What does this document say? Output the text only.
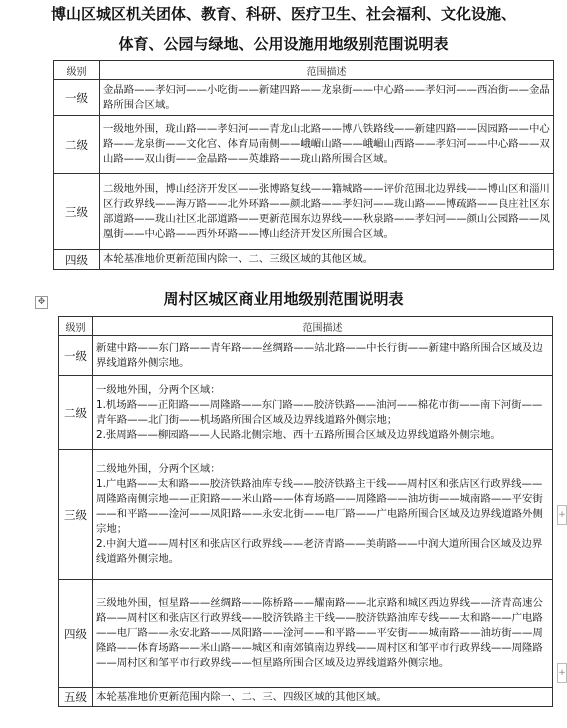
博山区城区机关团体、教育、科研、医疗卫生、社会福利、文化设施、
体育、公园与绿地、公用设施用地级别范围说明表
级别	范围描述
一级	金晶路——孝妇河——小吃街——新建四路——龙泉街——中心路——孝妇河——西冶街——金晶路所围合区域。

二级	一级地外围，珑山路——孝妇河——青龙山北路——博八铁路线——新建四路——因园路——中心路——龙泉街——文化宫、体育局南侧——峨嵋山路——峨嵋山西路——孝妇河——中心路——双山路——双山街——金晶路——英雄路——珑山路所围合区域。

三级	二级地外围，博山经济开发区——张博路复线——籍城路——评价范围北边界线——博山区和淄川区行政界线——海万路——北外环路——颜北路——孝妇河——珑山路——博疏路——良庄社区东部道路——珑山社区北部道路——更新范围东边界线——秋泉路——孝妇河——颜山公园路——凤凰街——中心路——西外环路——博山经济开发区所围合区域。

四级	本轮基准地价更新范围内除一、二、三级区域的其他区域。
✥	周村区城区商业用地级别范围说明表
级别	范围描述
一级	新建中路——东门路——青年路——丝绸路——站北路——中长行街——新建中路所围合区域及边界线道路外侧宗地。

二级	一级地外围，分两个区域：
1.机场路——正阳路——周隆路——东门路——胶济铁路——油河——棉花市街——南下河街——青年路——北门街——机场路所围合区域及边界线道路外侧宗地；
2.张周路——柳园路——人民路北侧宗地、西十五路所围合区域及边界线道路外侧宗地。

三级	二级地外围，分两个区域：
1.广电路——太和路——胶济铁路油库专线——胶济铁路主干线——周村区和张店区行政界线——周隆路南侧宗地——正阳路——米山路——体育场路——周隆路——油坊街——城南路——平安街——和平路——淦河——凤阳路——永安北街——电厂路——广电路所围合区域及边界线道路外侧宗地；
2.中润大道——周村区和张店区行政界线——老济青路——美萌路——中润大道所围合区域及边界线道路外侧宗地。

四级	三级地外围，恒星路——丝绸路——陈桥路——耀南路——北京路和城区西边界线——济青高速公路——周村区和张店区行政界线——胶济铁路主干线——胶济铁路油库专线——太和路——广电路——电厂路——永安北路——凤阳路——淦河——和平路——平安街——城南路——油坊街——周隆路——体育场路——米山路——城区和南郊镇南边界线——周村区和邹平市行政界线——周隆路——周村区和邹平市行政界线——恒星路所围合区域及边界线道路外侧宗地。

五级	本轮基准地价更新范围内除一、二、三、四级区域的其他区域。
+
+
